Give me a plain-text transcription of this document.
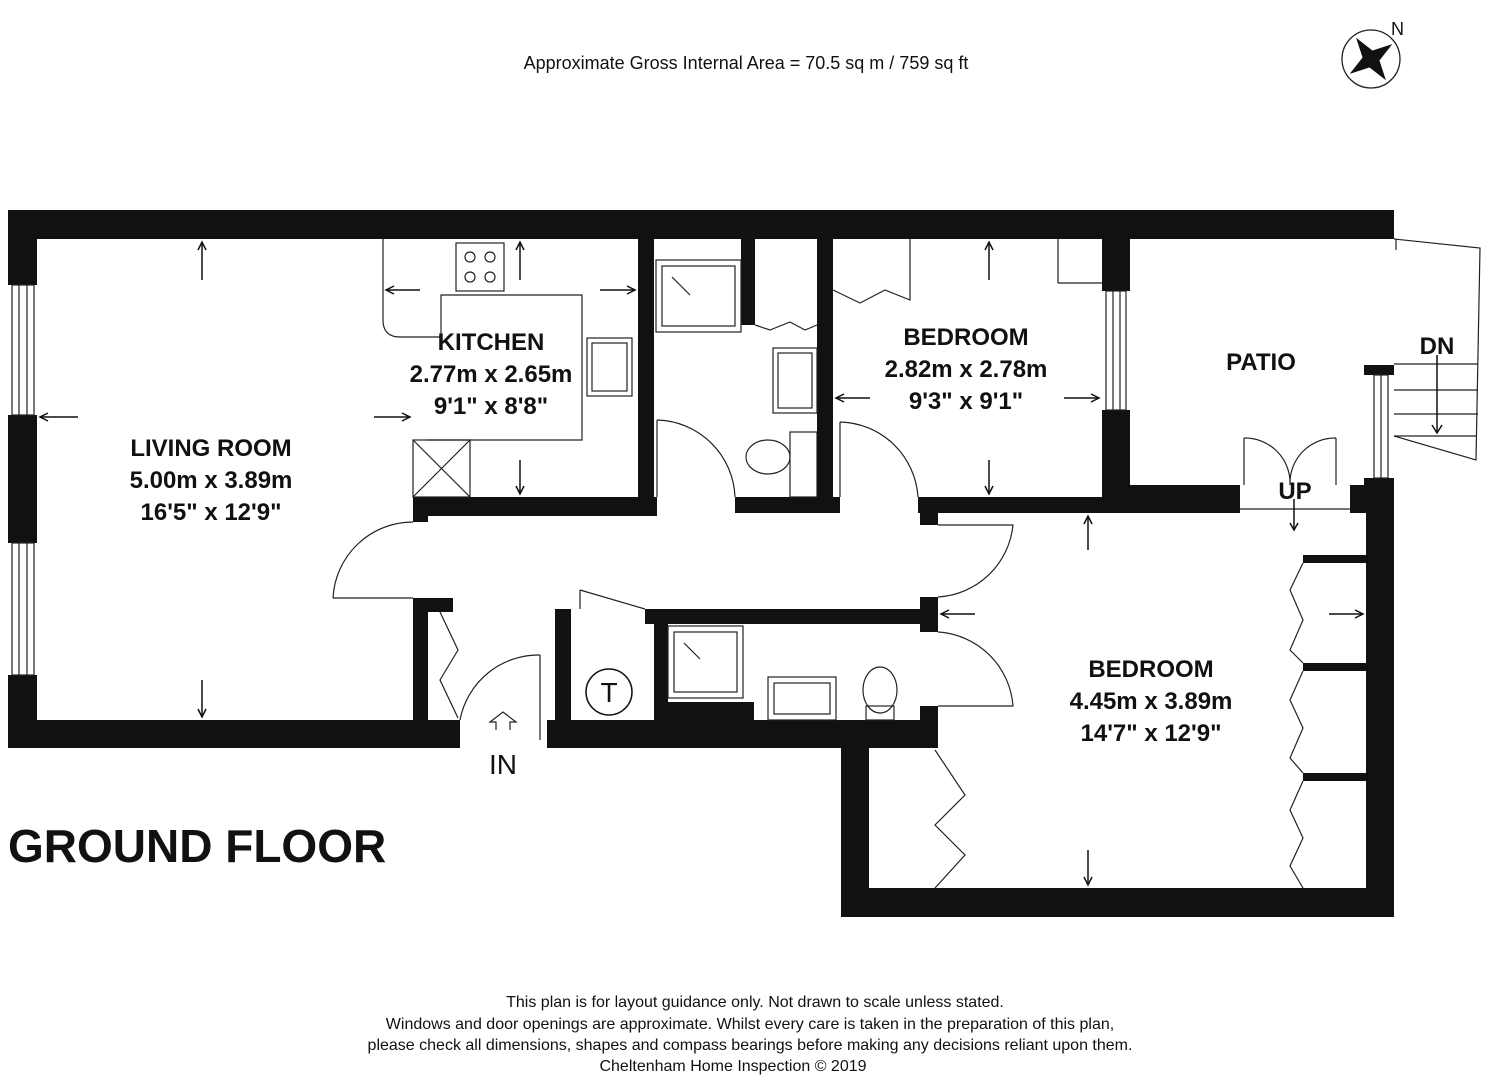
Approximate Gross Internal Area = 70.5 sq m / 759 sq ft
N
DN
UP
T
LIVING ROOM
5.00m x 3.89m
16'5" x 12'9"
KITCHEN
2.77m x 2.65m
9'1" x 8'8"
BEDROOM
2.82m x 2.78m
9'3" x 9'1"
PATIO
BEDROOM
4.45m x 3.89m
14'7" x 12'9"
IN
GROUND FLOOR
This plan is for layout guidance only. Not drawn to scale unless stated.
Windows and door openings are approximate. Whilst every care is taken in the preparation of this plan,
please check all dimensions, shapes and compass bearings before making any decisions reliant upon them.
Cheltenham Home Inspection © 2019
